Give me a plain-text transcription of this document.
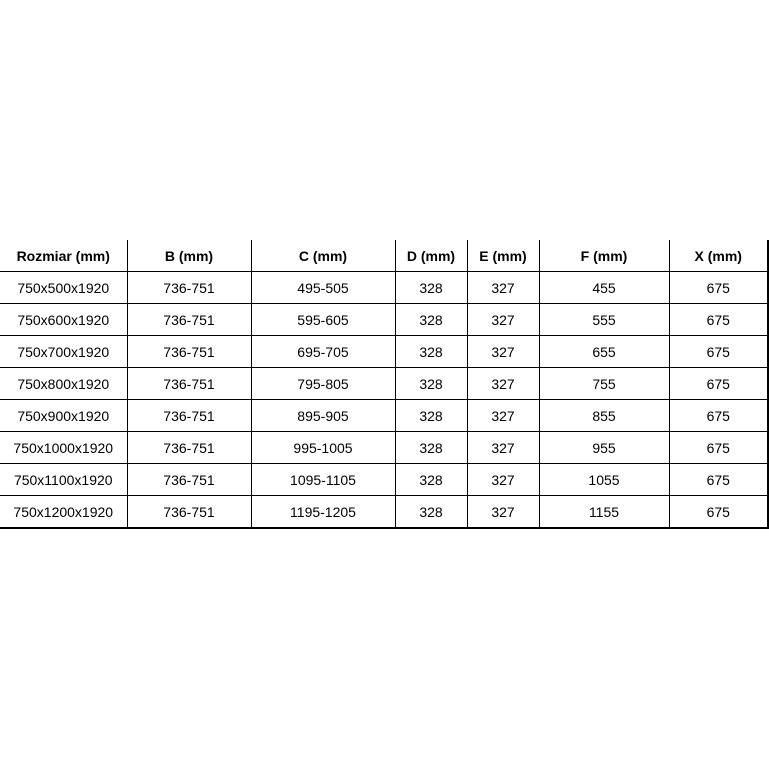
Rozmiar (mm)	B (mm)	C (mm)	D (mm)	E (mm)	F (mm)	X (mm)
750x500x1920	736-751	495-505	328	327	455	675
750x600x1920	736-751	595-605	328	327	555	675
750x700x1920	736-751	695-705	328	327	655	675
750x800x1920	736-751	795-805	328	327	755	675
750x900x1920	736-751	895-905	328	327	855	675
750x1000x1920	736-751	995-1005	328	327	955	675
750x1100x1920	736-751	1095-1105	328	327	1055	675
750x1200x1920	736-751	1195-1205	328	327	1155	675
